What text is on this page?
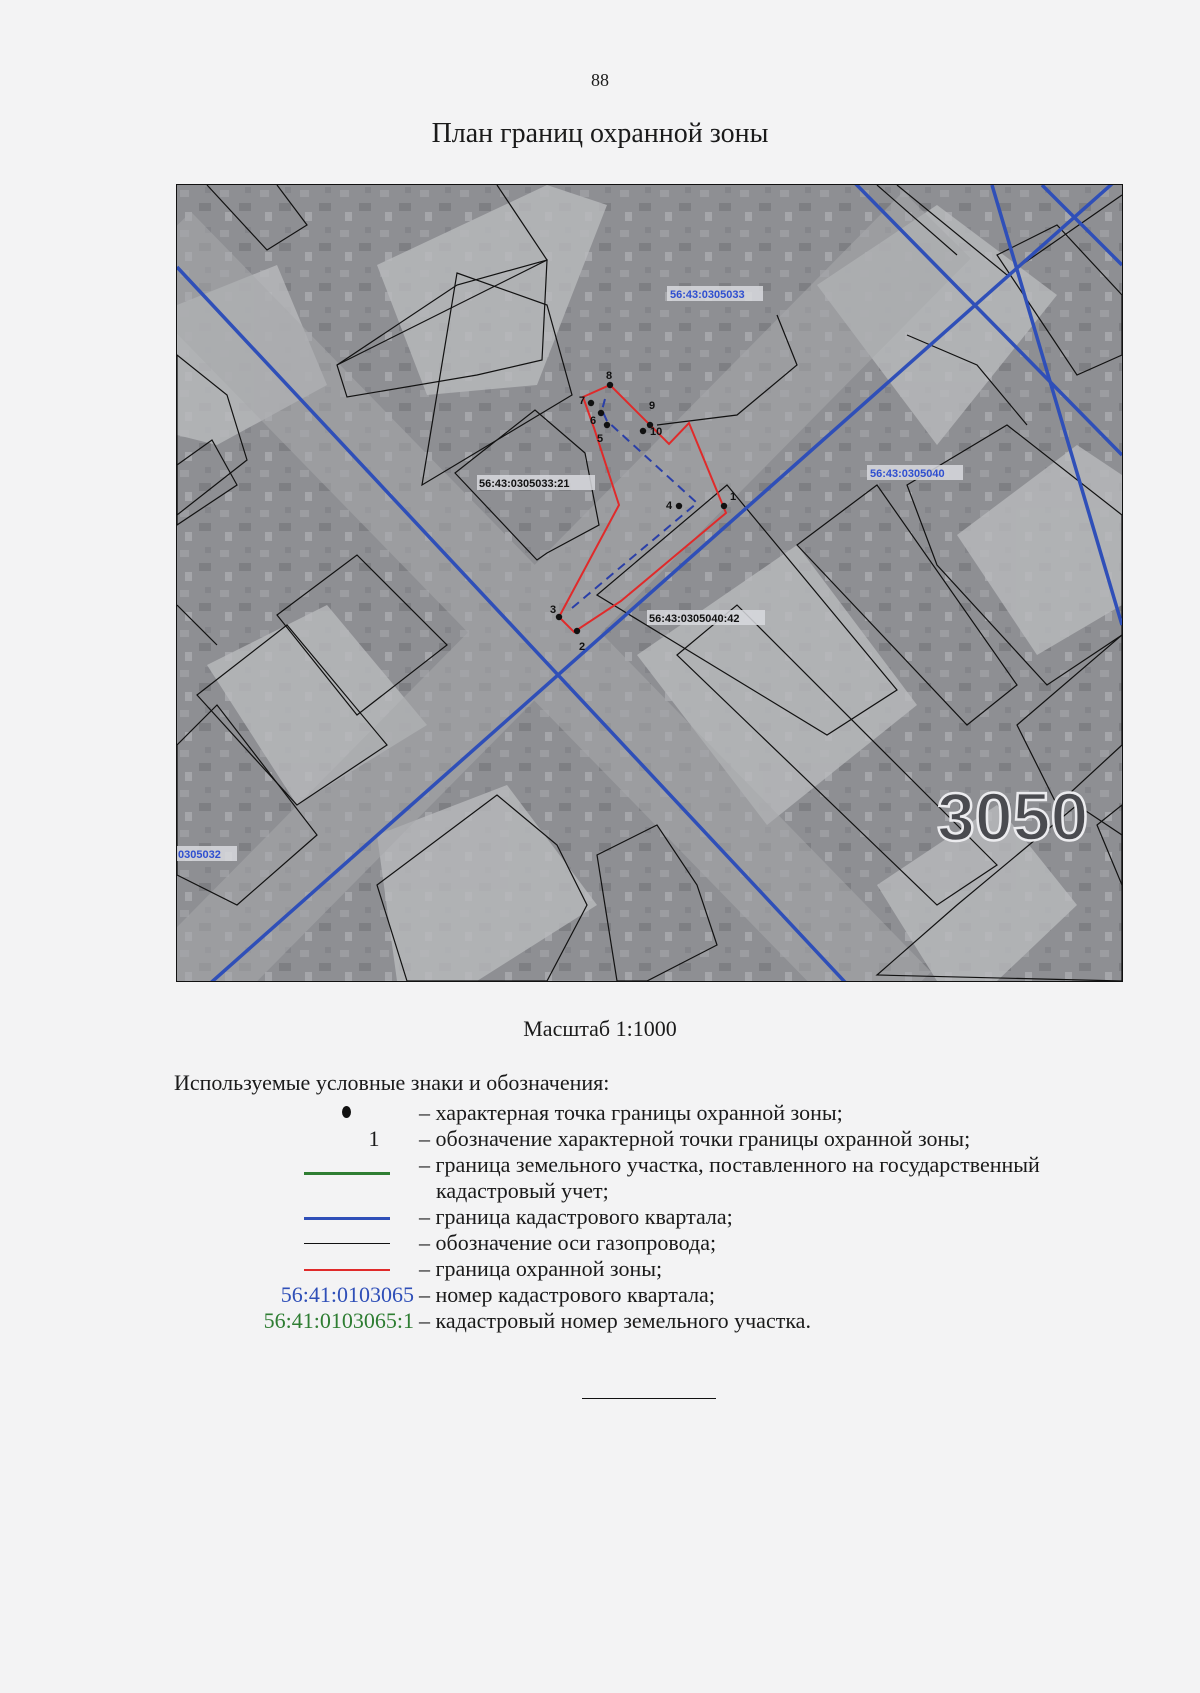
88
План границ охранной зоны
1
2
3
4
5
6
7
8
9
10
56:43:0305033
56:43:0305040
0305032
56:43:0305033:21
56:43:0305040:42
3050
Масштаб 1:1000
Используемые условные знаки и обозначения:
– характерная точка границы охранной зоны;
1	– обозначение характерной точки границы охранной зоны;
– граница земельного участка, поставленного на государственный
кадастровый учет;
– граница кадастрового квартала;
– обозначение оси газопровода;
– граница охранной зоны;
56:41:0103065 – номер кадастрового квартала;
56:41:0103065:1 – кадастровый номер земельного участка.
